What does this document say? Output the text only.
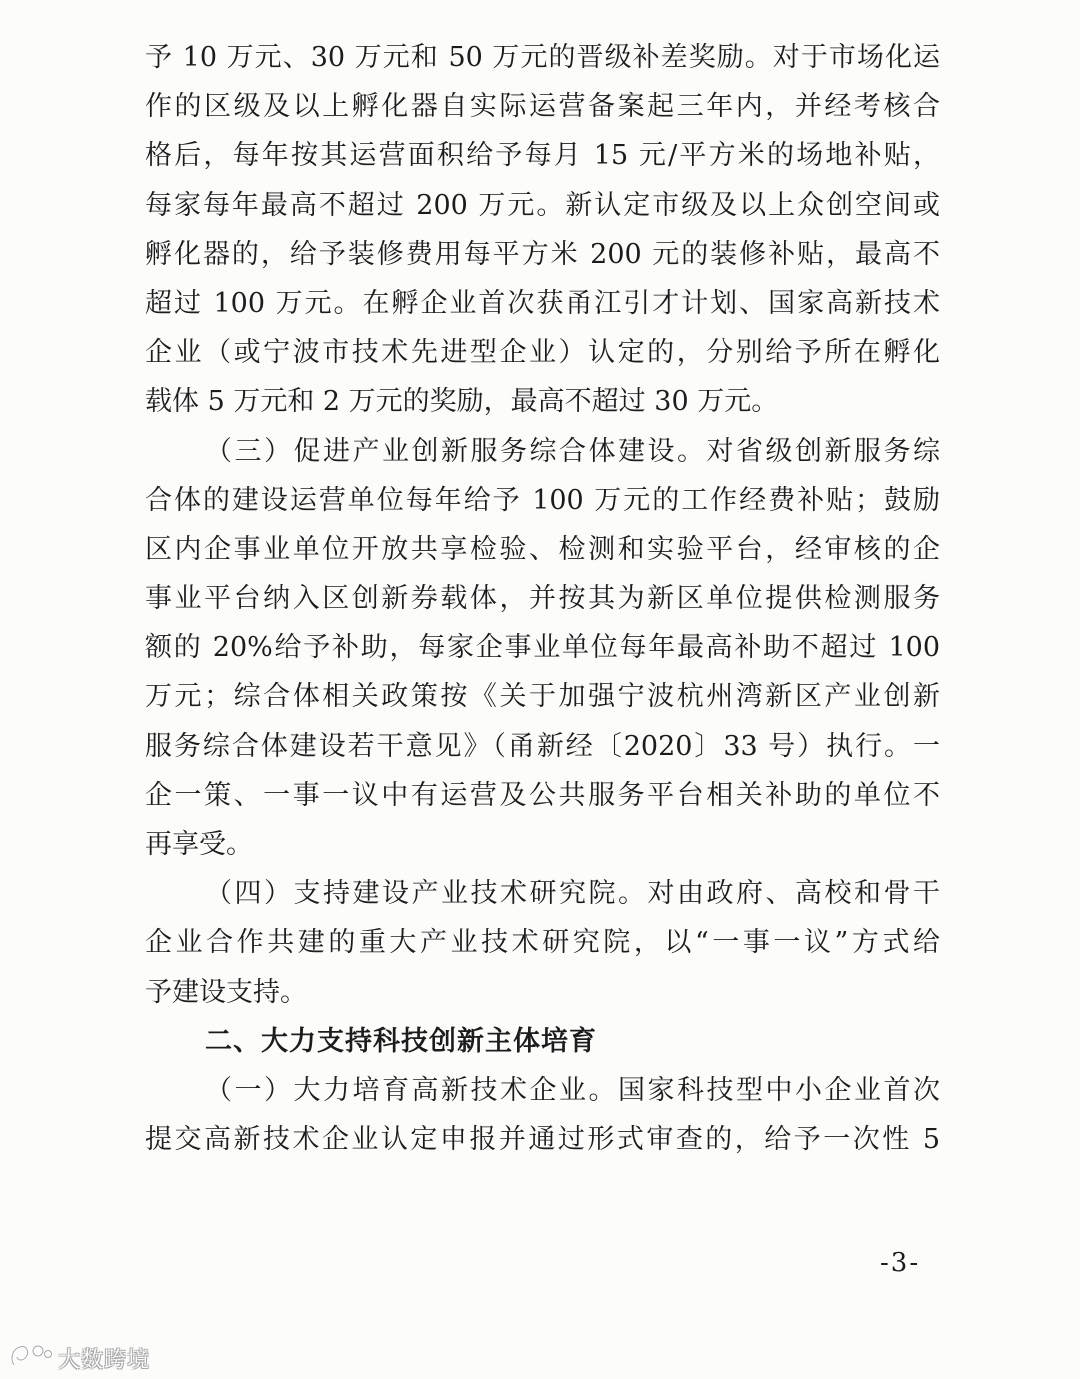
予 10 万元、30 万元和 50 万元的晋级补差奖励。对于市场化运
作的区级及以上孵化器自实际运营备案起三年内，并经考核合
格后，每年按其运营面积给予每月 15 元/平方米的场地补贴，
每家每年最高不超过 200 万元。新认定市级及以上众创空间或
孵化器的，给予装修费用每平方米 200 元的装修补贴，最高不
超过 100 万元。在孵企业首次获甬江引才计划、国家高新技术
企业（或宁波市技术先进型企业）认定的，分别给予所在孵化
载体 5 万元和 2 万元的奖励，最高不超过 30 万元。
（三）促进产业创新服务综合体建设。对省级创新服务综
合体的建设运营单位每年给予 100 万元的工作经费补贴；鼓励
区内企事业单位开放共享检验、检测和实验平台，经审核的企
事业平台纳入区创新券载体，并按其为新区单位提供检测服务
额的 20%给予补助，每家企事业单位每年最高补助不超过 100
万元；综合体相关政策按《关于加强宁波杭州湾新区产业创新
服务综合体建设若干意见》（甬新经〔2020〕33 号）执行。一
企一策、一事一议中有运营及公共服务平台相关补助的单位不
再享受。
（四）支持建设产业技术研究院。对由政府、高校和骨干
企业合作共建的重大产业技术研究院，以“一事一议”方式给
予建设支持。
二、大力支持科技创新主体培育
（一）大力培育高新技术企业。国家科技型中小企业首次
提交高新技术企业认定申报并通过形式审查的，给予一次性 5
-3-
大数跨境
